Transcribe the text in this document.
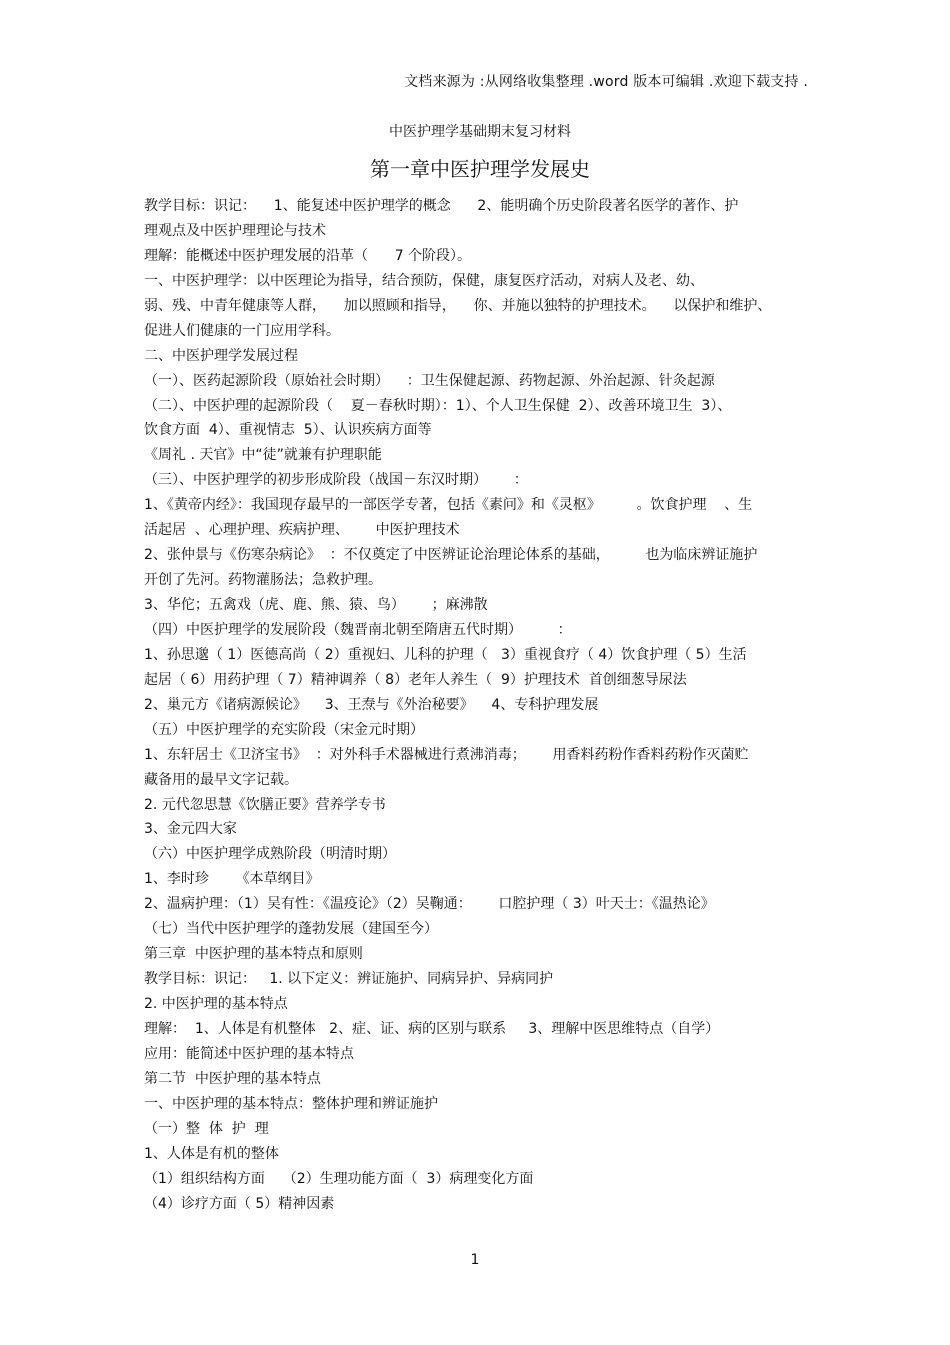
文档来源为 :从网络收集整理 .word 版本可编辑 .欢迎下载支持 .
中医护理学基础期末复习材料
第一章中医护理学发展史
教学目标：识记：    1、能复述中医护理学的概念      2、能明确个历史阶段著名医学的著作、护
理观点及中医护理理论与技术
理解：能概述中医护理发展的沿革（      7 个阶段）。
一、中医护理学：以中医理论为指导，结合预防，保健，康复医疗活动，对病人及老、幼、
弱、残、中青年健康等人群，    加以照顾和指导，    你、并施以独特的护理技术。    以保护和维护、
促进人们健康的一门应用学科。
二、中医护理学发展过程
（一）、医药起源阶段（原始社会时期）    ：卫生保健起源、药物起源、外治起源、针灸起源
（二）、中医护理的起源阶段（    夏－春秋时期）：1）、个人卫生保健  2）、改善环境卫生  3）、
饮食方面  4）、重视情志  5）、认识疾病方面等
《周礼 . 天官》中“徒”就兼有护理职能
（三）、中医护理学的初步形成阶段（战国－东汉时期）      ：
1、《黄帝内经》：我国现存最早的一部医学专著，包括《素问》和《灵枢》        。饮食护理    、生
活起居  、心理护理、疾病护理、      中医护理技术
2、张仲景与《伤寒杂病论》  ：不仅奠定了中医辨证论治理论体系的基础，        也为临床辨证施护
开创了先河。药物灌肠法；急救护理。
3、华佗；五禽戏（虎、鹿、熊、猿、鸟）      ；麻沸散
（四）中医护理学的发展阶段（魏晋南北朝至隋唐五代时期）        ：
1、孙思邈（ 1）医德高尚（ 2）重视妇、儿科的护理（   3）重视食疗（ 4）饮食护理（ 5）生活
起居（ 6）用药护理（ 7）精神调养（ 8）老年人养生（  9）护理技术  首创细葱导尿法
2、巢元方《诸病源候论》    3、王焘与《外治秘要》    4、专科护理发展
（五）中医护理学的充实阶段（宋金元时期）
1、东轩居士《卫济宝书》  ：对外科手术器械进行煮沸消毒；      用香料药粉作香料药粉作灭菌贮
藏备用的最早文字记载。
2. 元代忽思慧《饮膳正要》营养学专书
3、金元四大家
（六）中医护理学成熟阶段（明清时期）
1、李时珍      《本草纲目》
2、温病护理：（1）吴有性：《温疫论》（2）吴鞠通：      口腔护理（ 3）叶天士：《温热论》
（七）当代中医护理学的蓬勃发展（建国至今）
第三章  中医护理的基本特点和原则
教学目标：识记：   1. 以下定义：辨证施护、同病异护、异病同护
2. 中医护理的基本特点
理解：  1、人体是有机整体   2、症、证、病的区别与联系     3、理解中医思维特点（自学）
应用：能简述中医护理的基本特点
第二节  中医护理的基本特点
一、中医护理的基本特点：整体护理和辨证施护
（一）整  体  护  理
1、人体是有机的整体
（1）组织结构方面    （2）生理功能方面（  3）病理变化方面
（4）诊疗方面（ 5）精神因素
1
